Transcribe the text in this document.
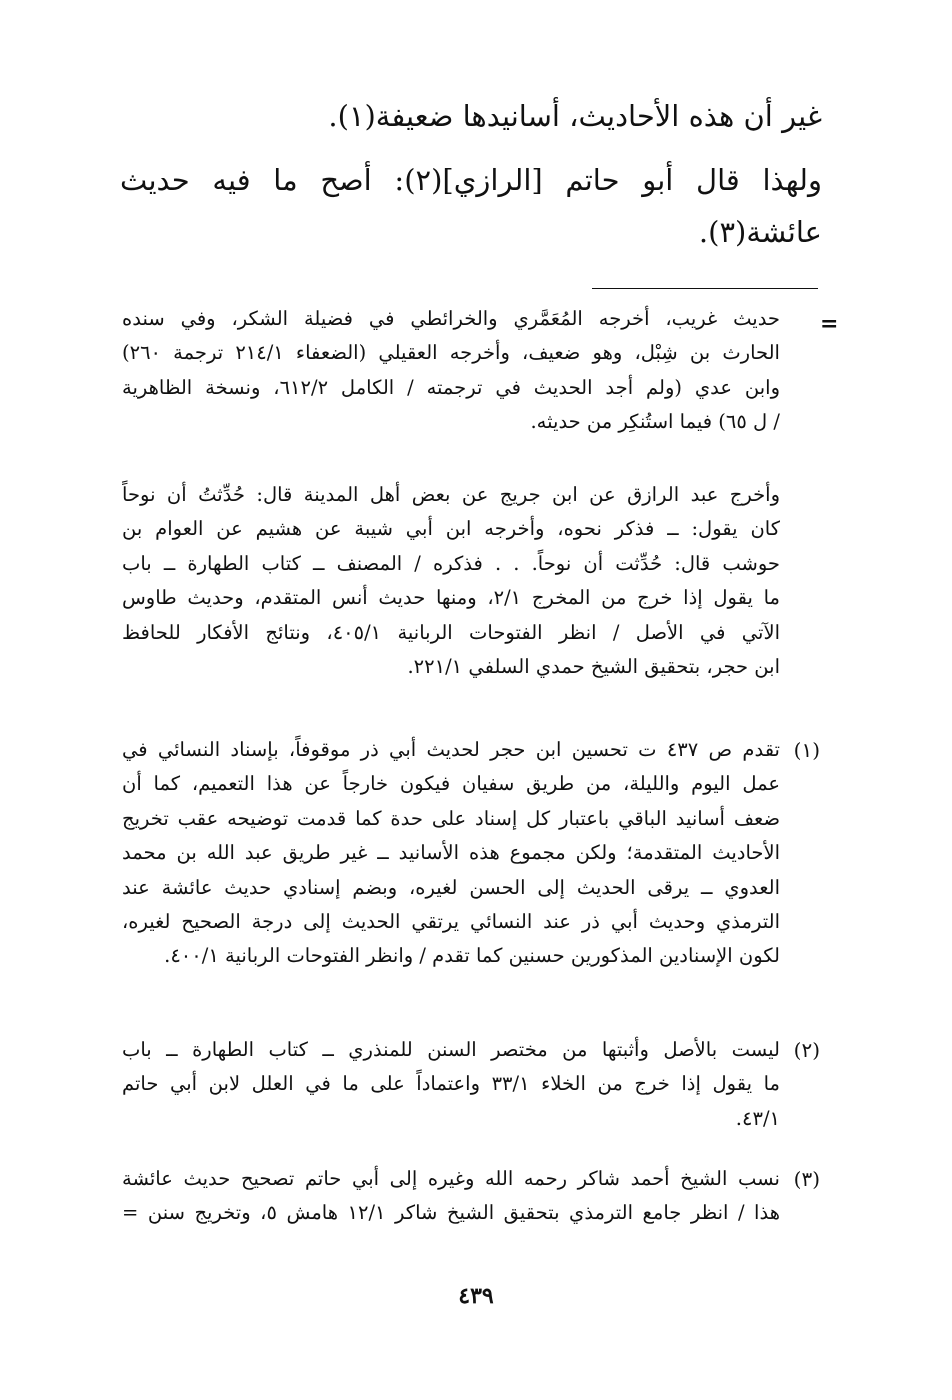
غير أن هذه الأحاديث، أسانيدها ضعيفة(١).
ولهذا قال أبو حاتم [الرازي](٢): أصح ما فيه حديث
عائشة(٣).
=
حديث غريب، أخرجه المُعَمَّري والخرائطي في فضيلة الشكر، وفي سنده
الحارث بن شِبْل، وهو ضعيف، وأخرجه العقيلي (الضعفاء ٢١٤/١ ترجمة ٢٦٠)
وابن عدي (ولم أجد الحديث في ترجمته / الكامل ٦١٢/٢، ونسخة الظاهرية
/ ل ٦٥) فيما استُنكِر من حديثه.
وأخرج عبد الرازق عن ابن جريج عن بعض أهل المدينة قال: حُدِّثتُ أن نوحاً
كان يقول: ــ فذكر نحوه، وأخرجه ابن أبي شيبة عن هشيم عن العوام بن
حوشب قال: حُدِّثت أن نوحاً. . . فذكره / المصنف ــ كتاب الطهارة ــ باب
ما يقول إذا خرج من المخرج ٢/١، ومنها حديث أنس المتقدم، وحديث طاوس
الآتي في الأصل / انظر الفتوحات الربانية ٤٠٥/١، ونتائج الأفكار للحافظ
ابن حجر، بتحقيق الشيخ حمدي السلفي ٢٢١/١.
(١)
تقدم ص ٤٣٧ ت تحسين ابن حجر لحديث أبي ذر موقوفاً، بإسناد النسائي في
عمل اليوم والليلة، من طريق سفيان فيكون خارجاً عن هذا التعميم، كما أن
ضعف أسانيد الباقي باعتبار كل إسناد على حدة كما قدمت توضيحه عقب تخريج
الأحاديث المتقدمة؛ ولكن مجموع هذه الأسانيد ــ غير طريق عبد الله بن محمد
العدوي ــ يرقى الحديث إلى الحسن لغيره، وبضم إسنادي حديث عائشة عند
الترمذي وحديث أبي ذر عند النسائي يرتقي الحديث إلى درجة الصحيح لغيره،
لكون الإسنادين المذكورين حسنين كما تقدم / وانظر الفتوحات الربانية ٤٠٠/١.
(٢)
ليست بالأصل وأثبتها من مختصر السنن للمنذري ــ كتاب الطهارة ــ باب
ما يقول إذا خرج من الخلاء ٣٣/١ واعتماداً على ما في العلل لابن أبي حاتم
٤٣/١.
(٣)
نسب الشيخ أحمد شاكر رحمه الله وغيره إلى أبي حاتم تصحيح حديث عائشة
هذا / انظر جامع الترمذي بتحقيق الشيخ شاكر ١٢/١ هامش ٥، وتخريج سنن =
٤٣٩
